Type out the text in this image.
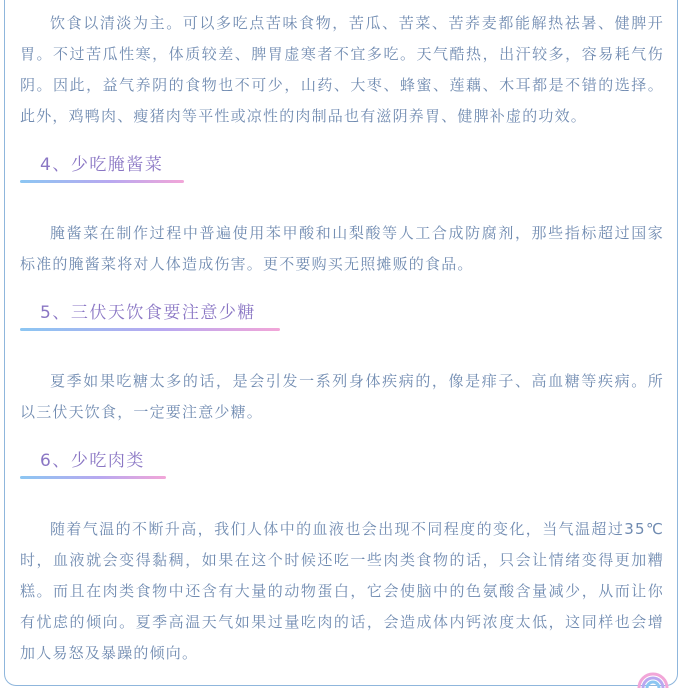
饮食以清淡为主。可以多吃点苦味食物，苦瓜、苦菜、苦荞麦都能解热祛暑、健脾开胃。不过苦瓜性寒，体质较差、脾胃虚寒者不宜多吃。天气酷热，出汗较多，容易耗气伤阴。因此，益气养阴的食物也不可少，山药、大枣、蜂蜜、莲藕、木耳都是不错的选择。此外，鸡鸭肉、瘦猪肉等平性或凉性的肉制品也有滋阴养胃、健脾补虚的功效。

4、少吃腌酱菜

腌酱菜在制作过程中普遍使用苯甲酸和山梨酸等人工合成防腐剂，那些指标超过国家标准的腌酱菜将对人体造成伤害。更不要购买无照摊贩的食品。

5、三伏天饮食要注意少糖

夏季如果吃糖太多的话，是会引发一系列身体疾病的，像是痱子、高血糖等疾病。所以三伏天饮食，一定要注意少糖。

6、少吃肉类

随着气温的不断升高，我们人体中的血液也会出现不同程度的变化，当气温超过35℃时，血液就会变得黏稠，如果在这个时候还吃一些肉类食物的话，只会让情绪变得更加糟糕。而且在肉类食物中还含有大量的动物蛋白，它会使脑中的色氨酸含量减少，从而让你有忧虑的倾向。夏季高温天气如果过量吃肉的话，会造成体内钙浓度太低，这同样也会增加人易怒及暴躁的倾向。
